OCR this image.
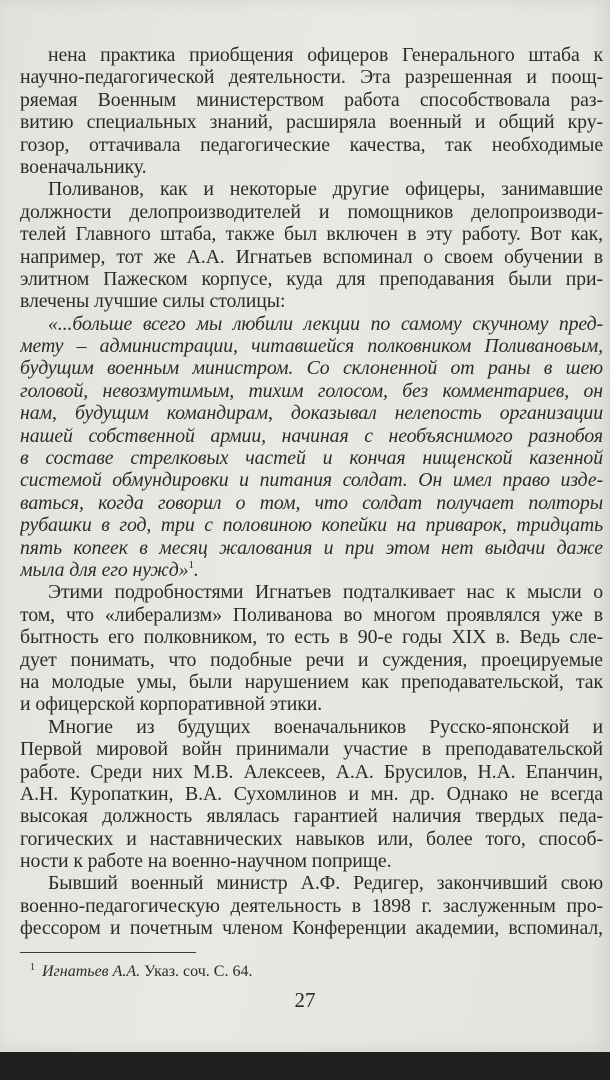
нена практика приобщения офицеров Генерального штаба к
научно-педагогической деятельности. Эта разрешенная и поощ-
ряемая Военным министерством работа способствовала раз-
витию специальных знаний, расширяла военный и общий кру-
гозор, оттачивала педагогические качества, так необходимые
военачальнику.
Поливанов, как и некоторые другие офицеры, занимавшие
должности делопроизводителей и помощников делопроизводи-
телей Главного штаба, также был включен в эту работу. Вот как,
например, тот же А.А. Игнатьев вспоминал о своем обучении в
элитном Пажеском корпусе, куда для преподавания были при-
влечены лучшие силы столицы:
«...больше всего мы любили лекции по самому скучному пред-
мету – администрации, читавшейся полковником Поливановым,
будущим военным министром. Со склоненной от раны в шею
головой, невозмутимым, тихим голосом, без комментариев, он
нам, будущим командирам, доказывал нелепость организации
нашей собственной армии, начиная с необъяснимого разнобоя
в составе стрелковых частей и кончая нищенской казенной
системой обмундировки и питания солдат. Он имел право изде-
ваться, когда говорил о том, что солдат получает полторы
рубашки в год, три с половиною копейки на приварок, тридцать
пять копеек в месяц жалования и при этом нет выдачи даже
мыла для его нужд»$^1$.
Этими подробностями Игнатьев подталкивает нас к мысли о
том, что «либерализм» Поливанова во многом проявлялся уже в
бытность его полковником, то есть в 90-е годы XIX в. Ведь сле-
дует понимать, что подобные речи и суждения, проецируемые
на молодые умы, были нарушением как преподавательской, так
и офицерской корпоративной этики.
Многие из будущих военачальников Русско-японской и
Первой мировой войн принимали участие в преподавательской
работе. Среди них М.В. Алексеев, А.А. Брусилов, Н.А. Епанчин,
А.Н. Куропаткин, В.А. Сухомлинов и мн. др. Однако не всегда
высокая должность являлась гарантией наличия твердых педа-
гогических и наставнических навыков или, более того, способ-
ности к работе на военно-научном поприще.
Бывший военный министр А.Ф. Редигер, закончивший свою
военно-педагогическую деятельность в 1898 г. заслуженным про-
фессором и почетным членом Конференции академии, вспоминал,
$^1$ Игнатьев А.А. Указ. соч. С. 64.
27
